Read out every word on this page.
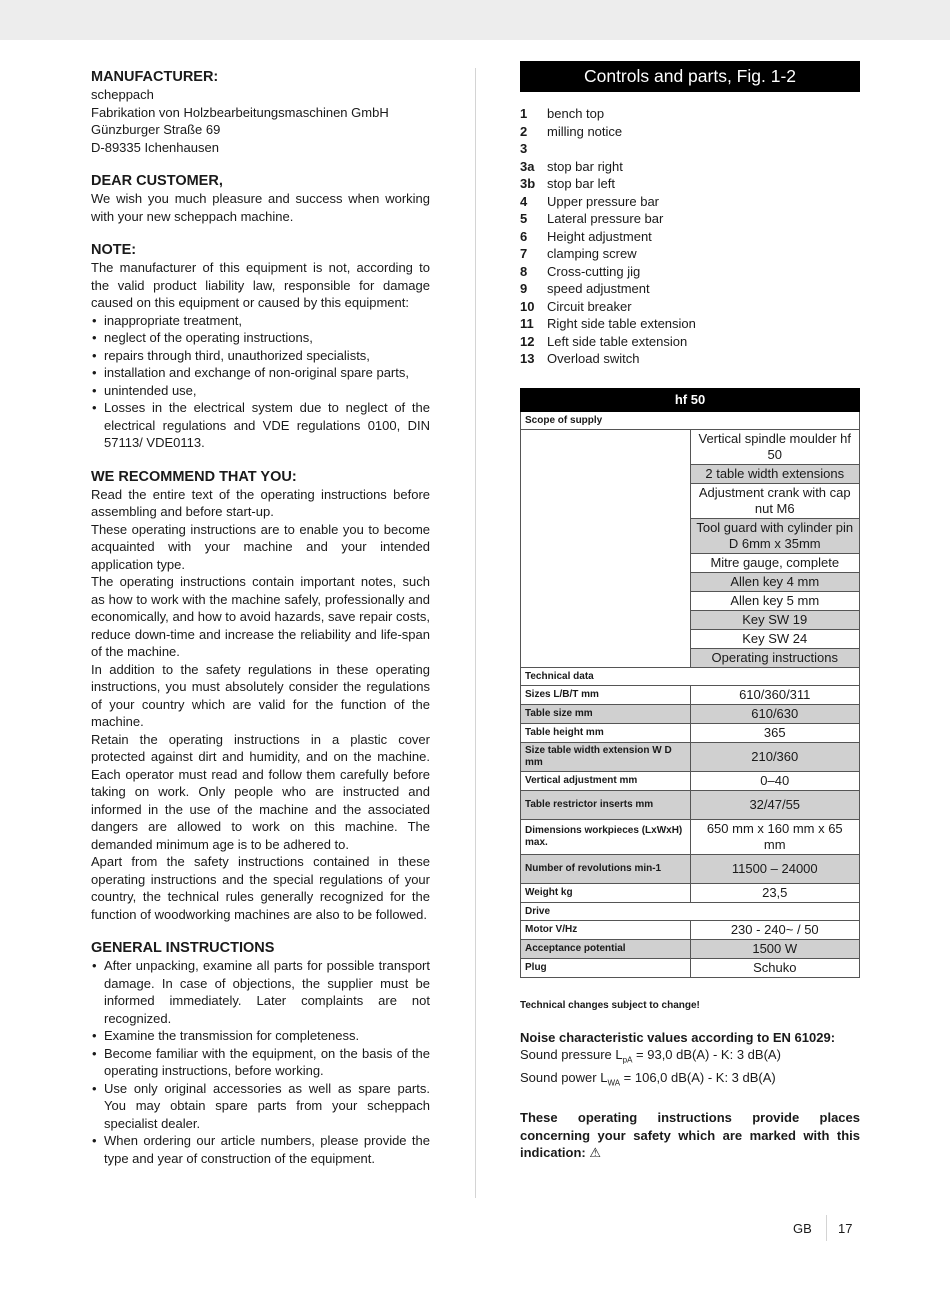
MANUFACTURER:
scheppach
Fabrikation von Holzbearbeitungsmaschinen GmbH
Günzburger Straße 69
D-89335 Ichenhausen
DEAR CUSTOMER,

We wish you much pleasure and success when working with your new scheppach machine.

NOTE:

The manufacturer of this equipment is not, according to the valid product liability law, responsible for damage caused on this equipment or caused by this equipment:

• inappropriate treatment,
• neglect of the operating instructions,
• repairs through third, unauthorized specialists,
• installation and exchange of non-original spare parts,
• unintended use,
• Losses in the electrical system due to neglect of the electrical regulations and VDE regulations 0100, DIN 57113/ VDE0113.
WE RECOMMEND THAT YOU:

Read the entire text of the operating instructions before assembling and before start-up.

These operating instructions are to enable you to become acquainted with your machine and your intended application type.

The operating instructions contain important notes, such as how to work with the machine safely, professionally and economically, and how to avoid hazards, save repair costs, reduce down-time and increase the reliability and life-span of the machine.

In addition to the safety regulations in these operating instructions, you must absolutely consider the regulations of your country which are valid for the function of the machine.

Retain the operating instructions in a plastic cover protected against dirt and humidity, and on the machine. Each operator must read and follow them carefully before taking on work. Only people who are instructed and informed in the use of the machine and the associated dangers are allowed to work on this machine. The demanded minimum age is to be adhered to.

Apart from the safety instructions contained in these operating instructions and the special regulations of your country, the technical rules generally recognized for the function of woodworking machines are also to be followed.

GENERAL INSTRUCTIONS
• After unpacking, examine all parts for possible transport damage. In case of objections, the supplier must be informed immediately. Later complaints are not recognized.
• Examine the transmission for completeness.
• Become familiar with the equipment, on the basis of the operating instructions, before working.
• Use only original accessories as well as spare parts. You may obtain spare parts from your scheppach specialist dealer.
• When ordering our article numbers, please provide the type and year of construction of the equipment.
Controls and parts, Fig. 1-2
1	bench top
2	milling notice
3
3a stop bar right
3b stop bar left
4	Upper pressure bar
5	Lateral pressure bar
6	Height adjustment
7	clamping screw
8	Cross-cutting jig
9	speed adjustment
10 Circuit breaker
11	Right side table extension
12 Left side table extension
13 Overload switch
hf 50	
Scope of supply	
	Vertical spindle moulder hf 50
	2 table width extensions
	Adjustment crank with cap nut M6
	Tool guard with cylinder pin D 6mm x 35mm
	Mitre gauge, complete
	Allen key 4 mm
	Allen key 5 mm
	Key SW 19
	Key SW 24
	Operating instructions
Technical data	
Sizes L/B/T mm	610/360/311
Table size mm	610/630
Table height mm	365
Size table width extension W D mm	210/360
Vertical adjustment mm	0–40
Table restrictor inserts mm	32/47/55
Dimensions workpieces (LxWxH) max.	650 mm x 160 mm x 65 mm
Number of revolutions min-1	11500 – 24000
Weight kg	23,5
Drive	
Motor V/Hz	230 - 240~ / 50
Acceptance potential	1500 W
Plug	Schuko
Technical changes subject to change!
Noise characteristic values according to EN 61029:
Sound pressure $L_{pA} = 93,0$ dB(A) - K: 3 dB(A)
Sound power $L_{WA} = 106,0$ dB(A) - K: 3 dB(A)
These operating instructions provide places concerning your safety which are marked with this indication: ⚠
GB 17
